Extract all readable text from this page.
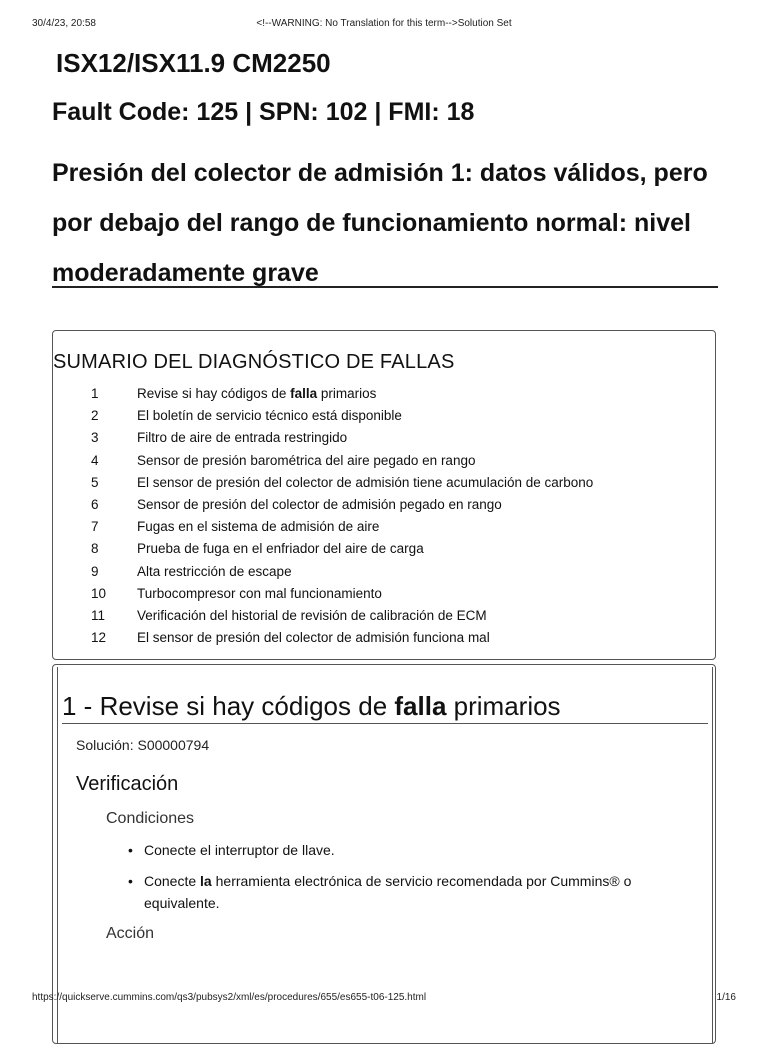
30/4/23, 20:58	<!--WARNING: No Translation for this term-->Solution Set
ISX12/ISX11.9 CM2250
Fault Code: 125 | SPN: 102 | FMI: 18
Presión del colector de admisión 1: datos válidos, pero por debajo del rango de funcionamiento normal: nivel moderadamente grave
SUMARIO DEL DIAGNÓSTICO DE FALLAS
1	Revise si hay códigos de falla primarios
2	El boletín de servicio técnico está disponible
3	Filtro de aire de entrada restringido
4	Sensor de presión barométrica del aire pegado en rango
5	El sensor de presión del colector de admisión tiene acumulación de carbono
6	Sensor de presión del colector de admisión pegado en rango
7	Fugas en el sistema de admisión de aire
8	Prueba de fuga en el enfriador del aire de carga
9	Alta restricción de escape
10 Turbocompresor con mal funcionamiento
11 Verificación del historial de revisión de calibración de ECM
12 El sensor de presión del colector de admisión funciona mal
1 - Revise si hay códigos de falla primarios
Solución: S00000794
Verificación
Condiciones
• Conecte el interruptor de llave.
• Conecte la herramienta electrónica de servicio recomendada por Cummins® o equivalente.
Acción
https://quickserve.cummins.com/qs3/pubsys2/xml/es/procedures/655/es655-t06-125.html	1/16
